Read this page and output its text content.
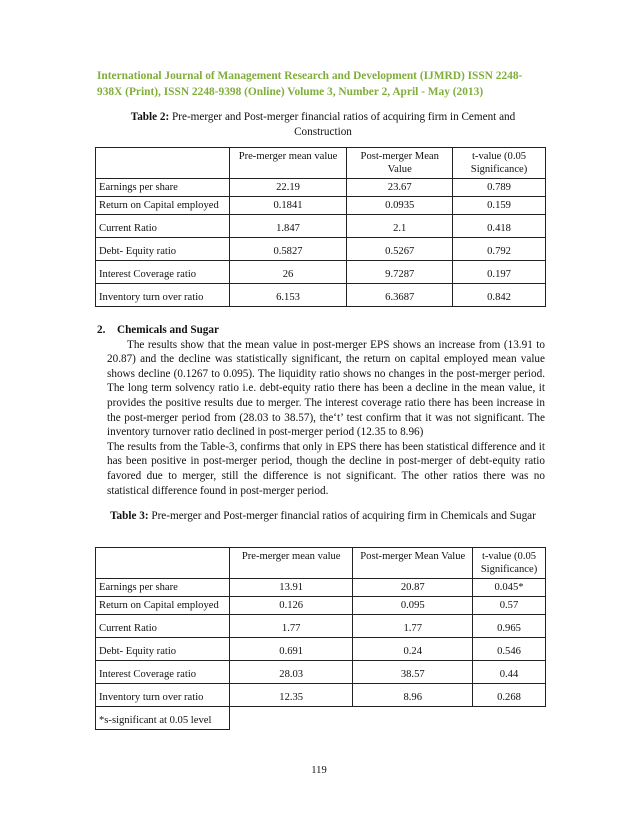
International Journal of Management Research and Development (IJMRD) ISSN 2248-
938X (Print), ISSN 2248-9398 (Online) Volume 3, Number 2, April - May (2013)
Table 2: Pre-merger and Post-merger financial ratios of acquiring firm in Cement and Construction
	Pre-merger mean value	Post-merger Mean Value	t-value (0.05 Significance)
Earnings per share	22.19	23.67	0.789
Return on Capital employed	0.1841	0.0935	0.159
Current Ratio	1.847	2.1	0.418
Debt- Equity ratio	0.5827	0.5267	0.792
Interest Coverage ratio	26	9.7287	0.197
Inventory turn over ratio	6.153	6.3687	0.842
2. Chemicals and Sugar

The results show that the mean value in post-merger EPS shows an increase from (13.91 to 20.87) and the decline was statistically significant, the return on capital employed mean value shows decline (0.1267 to 0.095). The liquidity ratio shows no changes in the post-merger period. The long term solvency ratio i.e. debt-equity ratio there has been a decline in the mean value, it provides the positive results due to merger. The interest coverage ratio there has been increase in the post-merger period from (28.03 to 38.57), the‘t’ test confirm that it was not significant. The inventory turnover ratio declined in post-merger period (12.35 to 8.96)

The results from the Table-3, confirms that only in EPS there has been statistical difference and it has been positive in post-merger period, though the decline in post-merger of debt-equity ratio favored due to merger, still the difference is not significant. The other ratios there was no statistical difference found in post-merger period.

Table 3: Pre-merger and Post-merger financial ratios of acquiring firm in Chemicals and Sugar
	Pre-merger mean value	Post-merger Mean Value	t-value (0.05 Significance)
Earnings per share	13.91	20.87	0.045*
Return on Capital employed	0.126	0.095	0.57
Current Ratio	1.77	1.77	0.965
Debt- Equity ratio	0.691	0.24	0.546
Interest Coverage ratio	28.03	38.57	0.44
Inventory turn over ratio	12.35	8.96	0.268
*s-significant at 0.05 level			
119
